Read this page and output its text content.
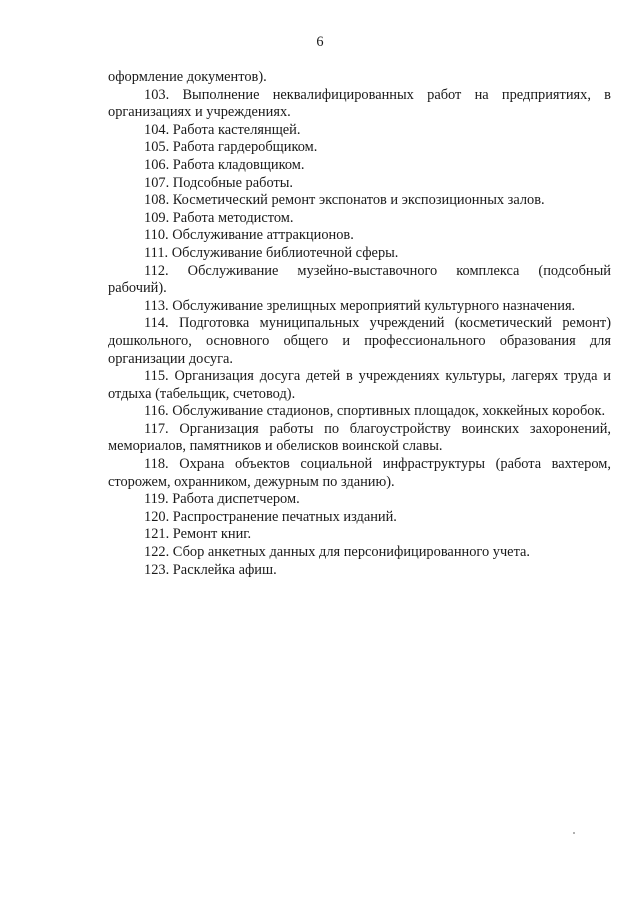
6

оформление документов).

103. Выполнение неквалифицированных работ на предприятиях, в организациях и учреждениях.

104. Работа кастелянщей.

105. Работа гардеробщиком.

106. Работа кладовщиком.

107. Подсобные работы.

108. Косметический ремонт экспонатов и экспозиционных залов.

109. Работа методистом.

110. Обслуживание аттракционов.

111. Обслуживание библиотечной сферы.

112. Обслуживание музейно-выставочного комплекса (подсобный рабочий).

113. Обслуживание зрелищных мероприятий культурного назначения.

114. Подготовка муниципальных учреждений (косметический ремонт) дошкольного, основного общего и профессионального образования для организации досуга.

115. Организация досуга детей в учреждениях культуры, лагерях труда и отдыха (табельщик, счетовод).

116. Обслуживание стадионов, спортивных площадок, хоккейных коробок.

117. Организация работы по благоустройству воинских захоронений, мемориалов, памятников и обелисков воинской славы.

118. Охрана объектов социальной инфраструктуры (работа вахтером, сторожем, охранником, дежурным по зданию).

119. Работа диспетчером.

120. Распространение печатных изданий.

121. Ремонт книг.

122. Сбор анкетных данных для персонифицированного учета.

123. Расклейка афиш.
